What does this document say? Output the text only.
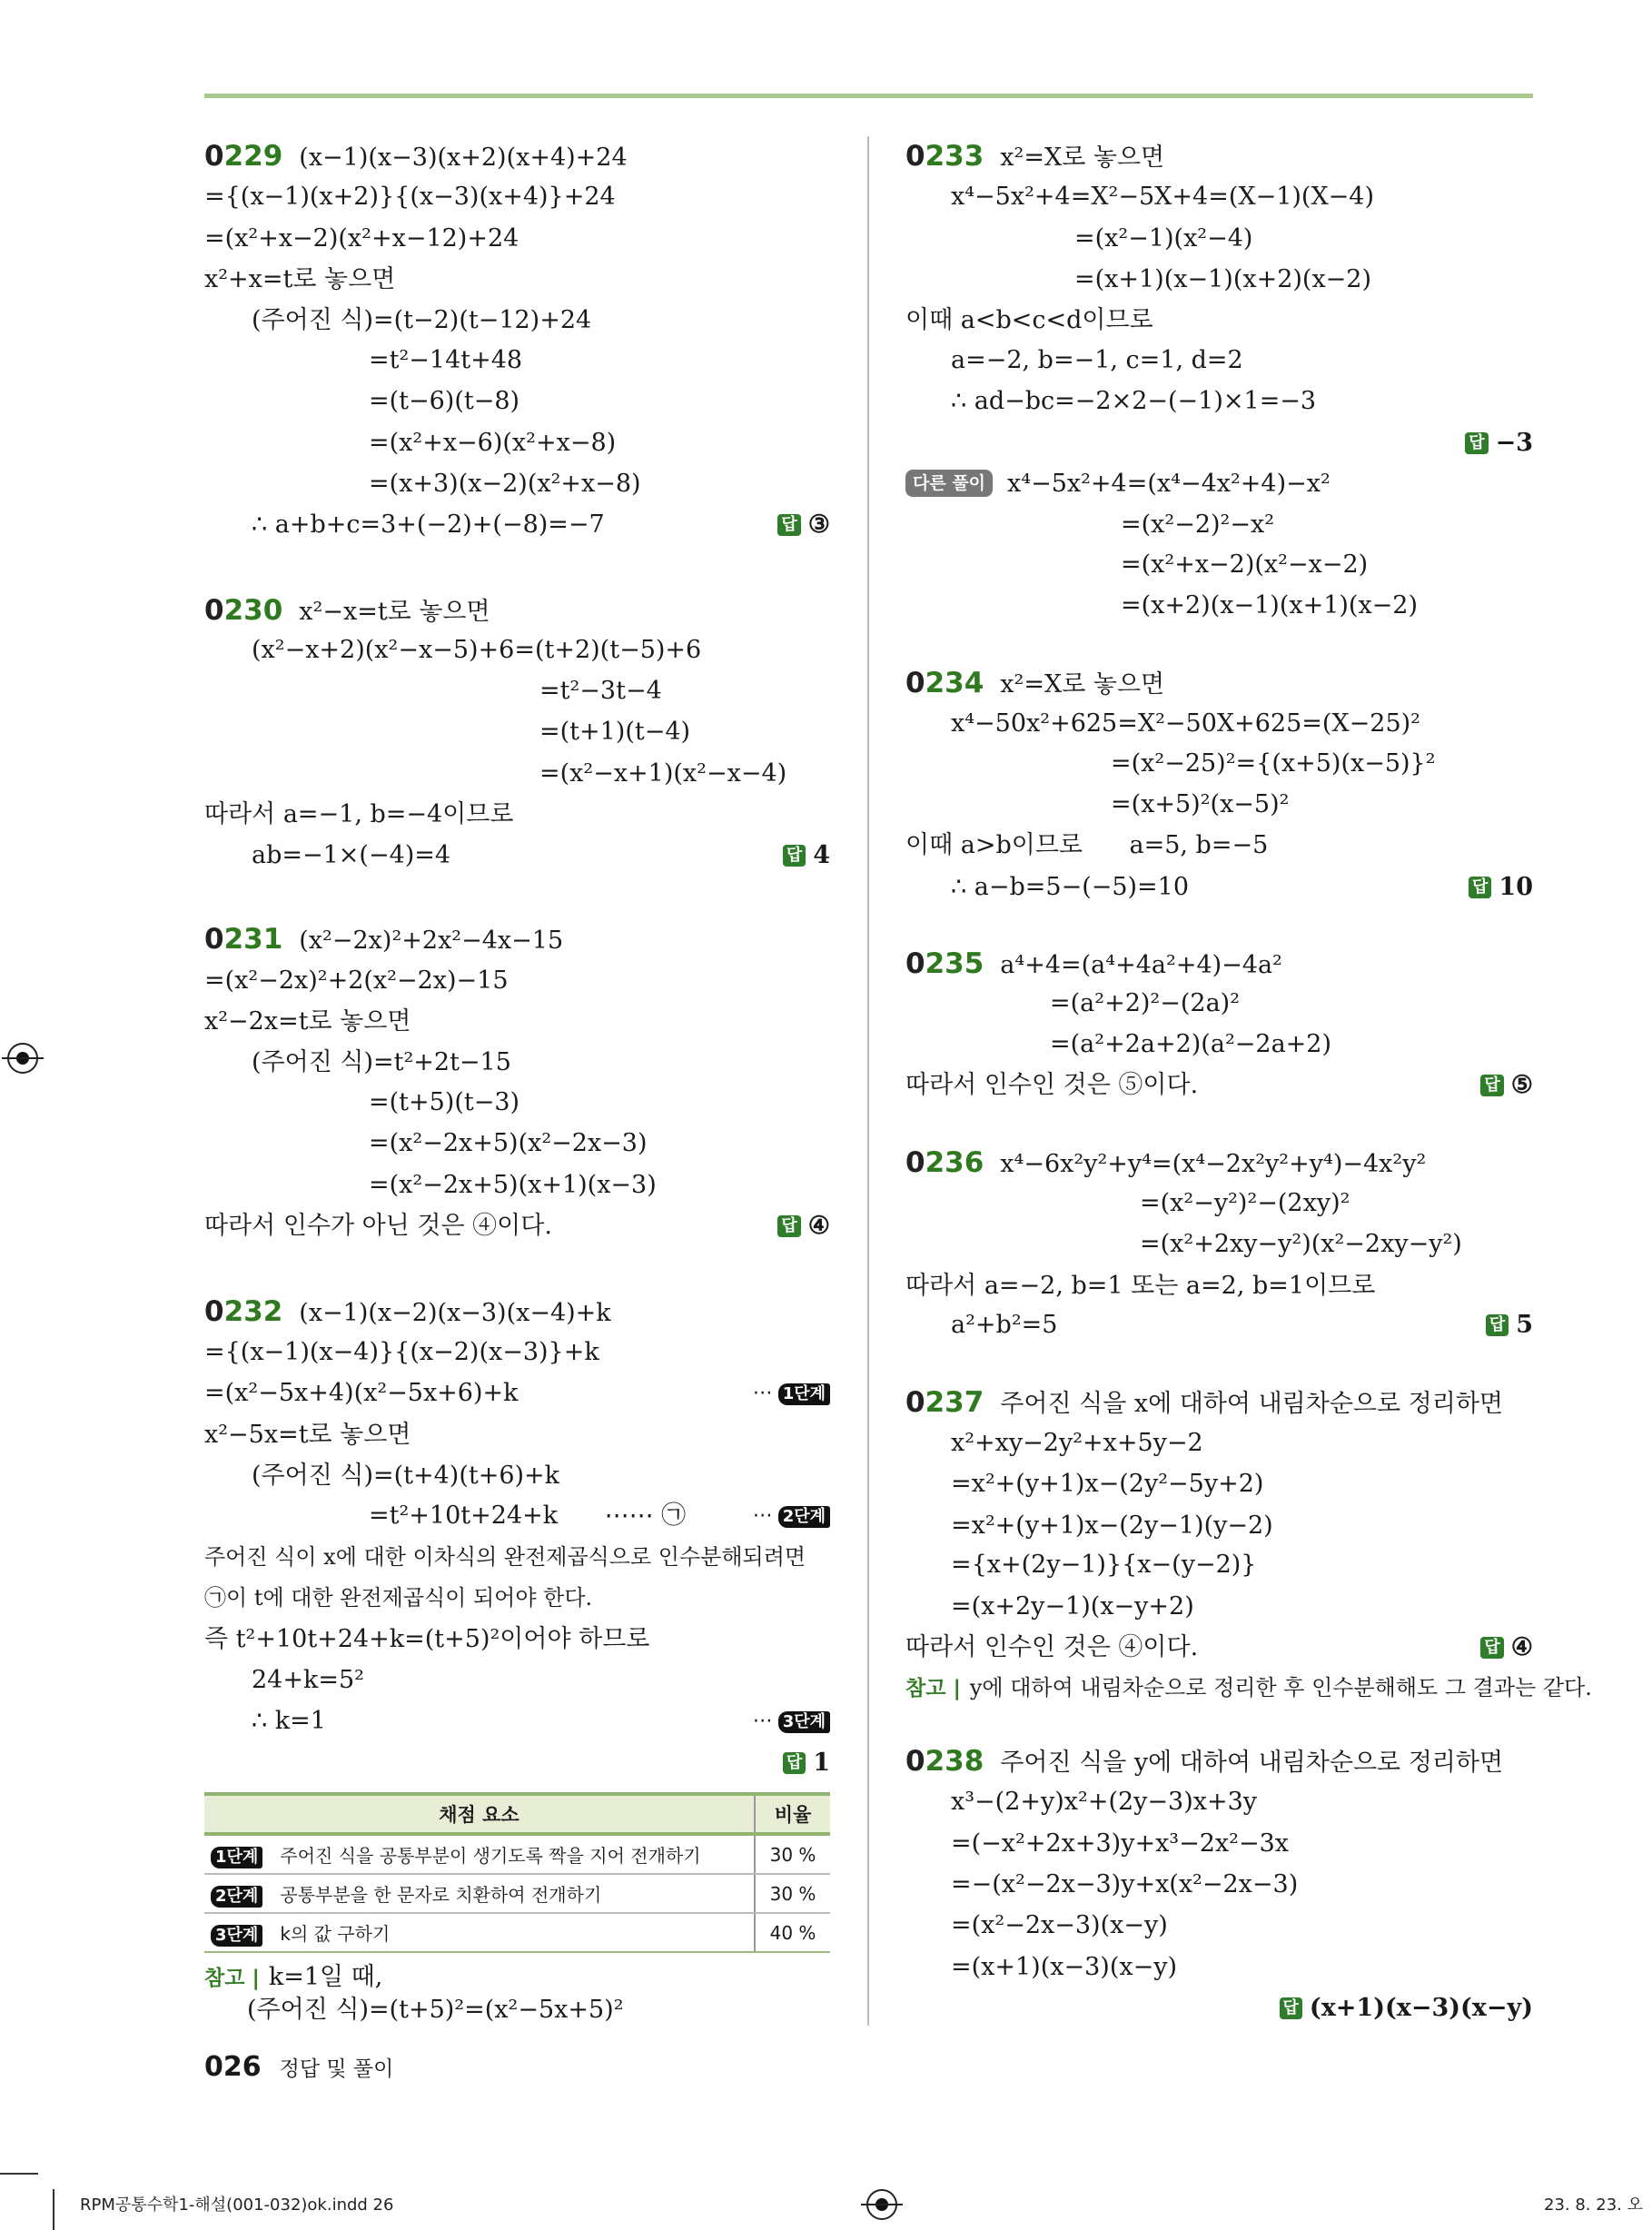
0229 (x−1)(x−3)(x+2)(x+4)+24
={(x−1)(x+2)}{(x−3)(x+4)}+24
=(x²+x−2)(x²+x−12)+24
x²+x=t로 놓으면
(주어진 식)=(t−2)(t−12)+24
=t²−14t+48
=(t−6)(t−8)
=(x²+x−6)(x²+x−8)
=(x+3)(x−2)(x²+x−8)
∴ a+b+c=3+(−2)+(−8)=−7	답 ③
0230 x²−x=t로 놓으면
(x²−x+2)(x²−x−5)+6=(t+2)(t−5)+6
=t²−3t−4
=(t+1)(t−4)
=(x²−x+1)(x²−x−4)
따라서 a=−1, b=−4이므로
ab=−1×(−4)=4	답 4
0231 (x²−2x)²+2x²−4x−15
=(x²−2x)²+2(x²−2x)−15
x²−2x=t로 놓으면
(주어진 식)=t²+2t−15
=(t+5)(t−3)
=(x²−2x+5)(x²−2x−3)
=(x²−2x+5)(x+1)(x−3)
따라서 인수가 아닌 것은 ④이다.	답 ④
0232 (x−1)(x−2)(x−3)(x−4)+k
={(x−1)(x−4)}{(x−2)(x−3)}+k
=(x²−5x+4)(x²−5x+6)+k	⋯ 1단계
x²−5x=t로 놓으면
(주어진 식)=(t+4)(t+6)+k
=t²+10t+24+k      ⋯⋯ ㉠	⋯ 2단계
주어진 식이 x에 대한 이차식의 완전제곱식으로 인수분해되려면
㉠이 t에 대한 완전제곱식이 되어야 한다.
즉 t²+10t+24+k=(t+5)²이어야 하므로
24+k=5²
∴ k=1	⋯ 3단계
답 1
참고 | k=1일 때,
(주어진 식)=(t+5)²=(x²−5x+5)²
0233 x²=X로 놓으면
x⁴−5x²+4=X²−5X+4=(X−1)(X−4)
=(x²−1)(x²−4)
=(x+1)(x−1)(x+2)(x−2)
이때 a<b<c<d이므로
a=−2, b=−1, c=1, d=2
∴ ad−bc=−2×2−(−1)×1=−3
답 −3
다른 풀이 x⁴−5x²+4=(x⁴−4x²+4)−x²
=(x²−2)²−x²
=(x²+x−2)(x²−x−2)
=(x+2)(x−1)(x+1)(x−2)
0234 x²=X로 놓으면
x⁴−50x²+625=X²−50X+625=(X−25)²
=(x²−25)²={(x+5)(x−5)}²
=(x+5)²(x−5)²
이때 a>b이므로      a=5, b=−5
∴ a−b=5−(−5)=10	답 10
0235 a⁴+4=(a⁴+4a²+4)−4a²
=(a²+2)²−(2a)²
=(a²+2a+2)(a²−2a+2)
따라서 인수인 것은 ⑤이다.	답 ⑤
0236 x⁴−6x²y²+y⁴=(x⁴−2x²y²+y⁴)−4x²y²
=(x²−y²)²−(2xy)²
=(x²+2xy−y²)(x²−2xy−y²)
따라서 a=−2, b=1 또는 a=2, b=1이므로
a²+b²=5	답 5
0237 주어진 식을 x에 대하여 내림차순으로 정리하면
x²+xy−2y²+x+5y−2
=x²+(y+1)x−(2y²−5y+2)
=x²+(y+1)x−(2y−1)(y−2)
={x+(2y−1)}{x−(y−2)}
=(x+2y−1)(x−y+2)
따라서 인수인 것은 ④이다.	답 ④
참고 | y에 대하여 내림차순으로 정리한 후 인수분해해도 그 결과는 같다.
0238 주어진 식을 y에 대하여 내림차순으로 정리하면
x³−(2+y)x²+(2y−3)x+3y
=(−x²+2x+3)y+x³−2x²−3x
=−(x²−2x−3)y+x(x²−2x−3)
=(x²−2x−3)(x−y)
=(x+1)(x−3)(x−y)
답 (x+1)(x−3)(x−y)
채점 요소	비율
1단계 주어진 식을 공통부분이 생기도록 짝을 지어 전개하기	30 %
2단계 공통부분을 한 문자로 치환하여 전개하기	30 %
3단계 k의 값 구하기	40 %
026 정답 및 풀이
RPM공통수학1-해설(001-032)ok.indd 26	23. 8. 23. 오
